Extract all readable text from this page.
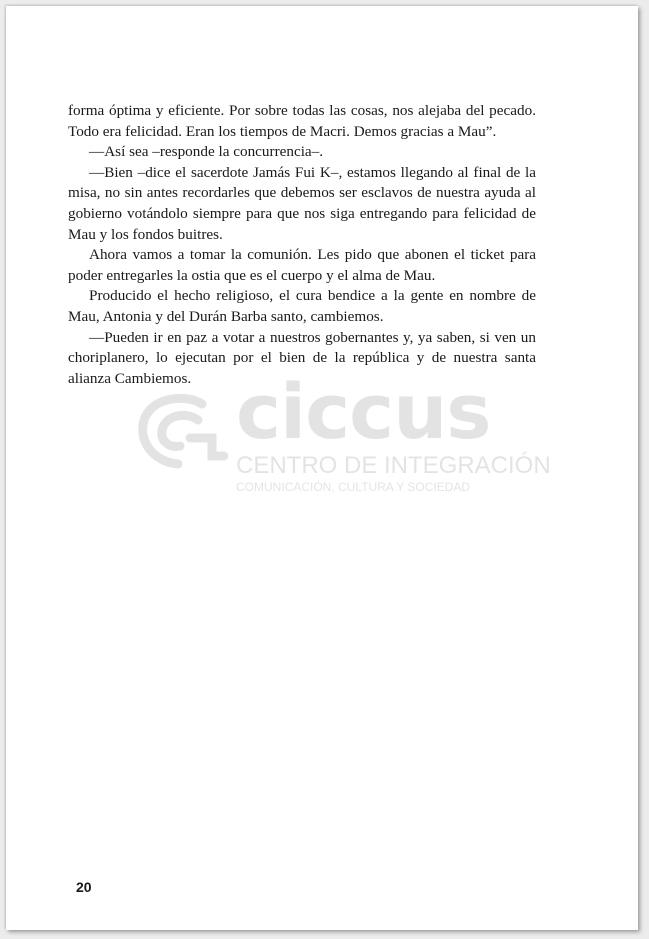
ciccus
CENTRO DE INTEGRACIÓN
COMUNICACIÓN, CULTURA Y SOCIEDAD

forma óptima y eficiente. Por sobre todas las cosas, nos alejaba del pecado. Todo era felicidad. Eran los tiempos de Macri. Demos gracias a Mau”.

—Así sea –responde la concurrencia–.

—Bien –dice el sacerdote Jamás Fui K–, estamos llegando al final de la misa, no sin antes recordarles que debemos ser esclavos de nuestra ayuda al gobierno votándolo siempre para que nos siga entregando para felicidad de Mau y los fondos buitres.

Ahora vamos a tomar la comunión. Les pido que abonen el ticket para poder entregarles la ostia que es el cuerpo y el alma de Mau.

Producido el hecho religioso, el cura bendice a la gente en nombre de Mau, Antonia y del Durán Barba santo, cambiemos.

—Pueden ir en paz a votar a nuestros gobernantes y, ya saben, si ven un choriplanero, lo ejecutan por el bien de la república y de nuestra santa alianza Cambiemos.

20
